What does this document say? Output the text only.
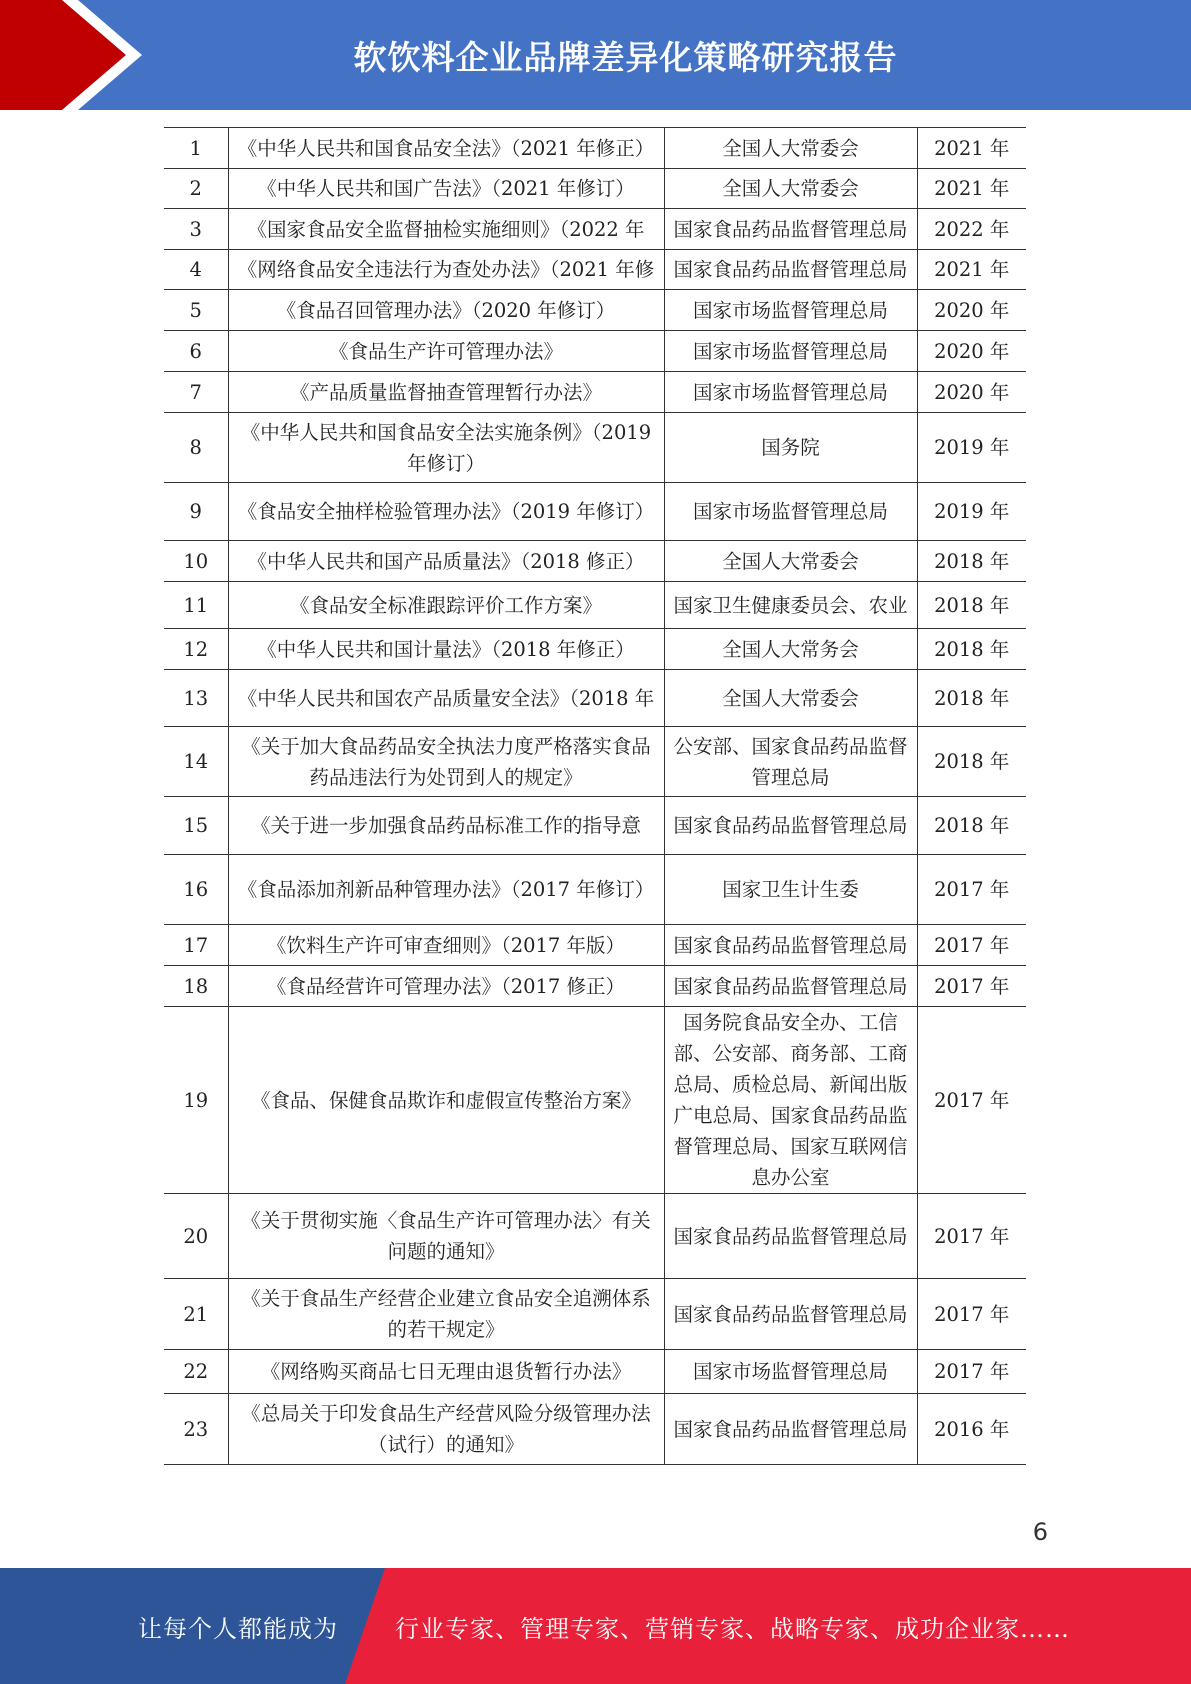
软饮料企业品牌差异化策略研究报告
1	《中华人民共和国食品安全法》（2021 年修正）	全国人大常委会	2021 年

2	《中华人民共和国广告法》（2021 年修订）	全国人大常委会	2021 年

3	《国家食品安全监督抽检实施细则》（2022 年	国家食品药品监督管理总局	2022 年

4	《网络食品安全违法行为查处办法》（2021 年修	国家食品药品监督管理总局	2021 年

5	《食品召回管理办法》（2020 年修订）	国家市场监督管理总局	2020 年

6	《食品生产许可管理办法》	国家市场监督管理总局	2020 年

7	《产品质量监督抽查管理暂行办法》	国家市场监督管理总局	2020 年

8	《中华人民共和国食品安全法实施条例》（2019 年修订）	国务院	2019 年

9	《食品安全抽样检验管理办法》（2019 年修订）	国家市场监督管理总局	2019 年

10	《中华人民共和国产品质量法》（2018 修正）	全国人大常委会	2018 年

11	《食品安全标准跟踪评价工作方案》	国家卫生健康委员会、农业	2018 年

12	《中华人民共和国计量法》（2018 年修正）	全国人大常务会	2018 年

13	《中华人民共和国农产品质量安全法》（2018 年	全国人大常委会	2018 年

14	《关于加大食品药品安全执法力度严格落实食品药品违法行为处罚到人的规定》	公安部、国家食品药品监督管理总局	2018 年

15	《关于进一步加强食品药品标准工作的指导意	国家食品药品监督管理总局	2018 年

16	《食品添加剂新品种管理办法》（2017 年修订）	国家卫生计生委	2017 年

17	《饮料生产许可审查细则》（2017 年版）	国家食品药品监督管理总局	2017 年

18	《食品经营许可管理办法》（2017 修正）	国家食品药品监督管理总局	2017 年

19	《食品、保健食品欺诈和虚假宣传整治方案》	国务院食品安全办、工信部、公安部、商务部、工商总局、质检总局、新闻出版广电总局、国家食品药品监督管理总局、国家互联网信息办公室	2017 年

20	《关于贯彻实施〈食品生产许可管理办法〉有关问题的通知》	国家食品药品监督管理总局	2017 年

21	《关于食品生产经营企业建立食品安全追溯体系的若干规定》	国家食品药品监督管理总局	2017 年

22	《网络购买商品七日无理由退货暂行办法》	国家市场监督管理总局	2017 年

23	《总局关于印发食品生产经营风险分级管理办法（试行）的通知》	国家食品药品监督管理总局	2016 年
6
让每个人都能成为 行业专家、管理专家、营销专家、战略专家、成功企业家……
